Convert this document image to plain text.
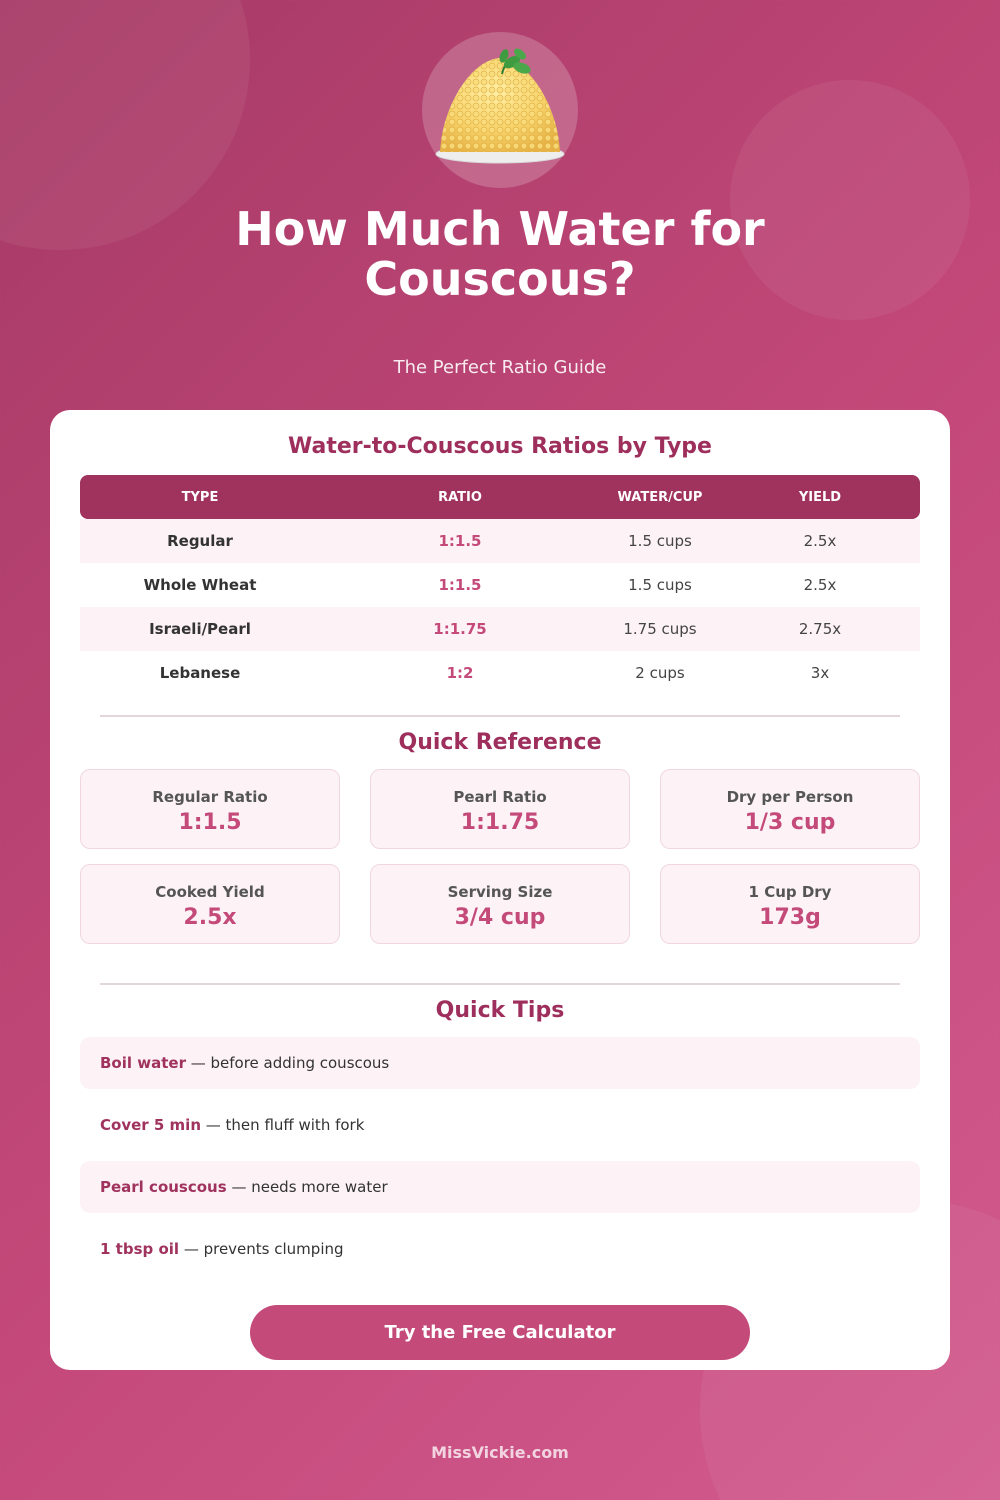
How Much Water for Couscous?
The Perfect Ratio Guide
Water-to-Couscous Ratios by Type
TYPE	RATIO	WATER/CUP	YIELD
Regular	1:1.5	1.5 cups	2.5x
Whole Wheat	1:1.5	1.5 cups	2.5x
Israeli/Pearl	1:1.75	1.75 cups	2.75x
Lebanese	1:2	2 cups	3x
Quick Reference
Regular Ratio
1:1.5
Pearl Ratio
1:1.75
Dry per Person
1/3 cup
Cooked Yield
2.5x
Serving Size
3/4 cup
1 Cup Dry
173g
Quick Tips
Boil water — before adding couscous
Cover 5 min — then fluff with fork
Pearl couscous — needs more water
1 tbsp oil — prevents clumping
Try the Free Calculator
MissVickie.com
